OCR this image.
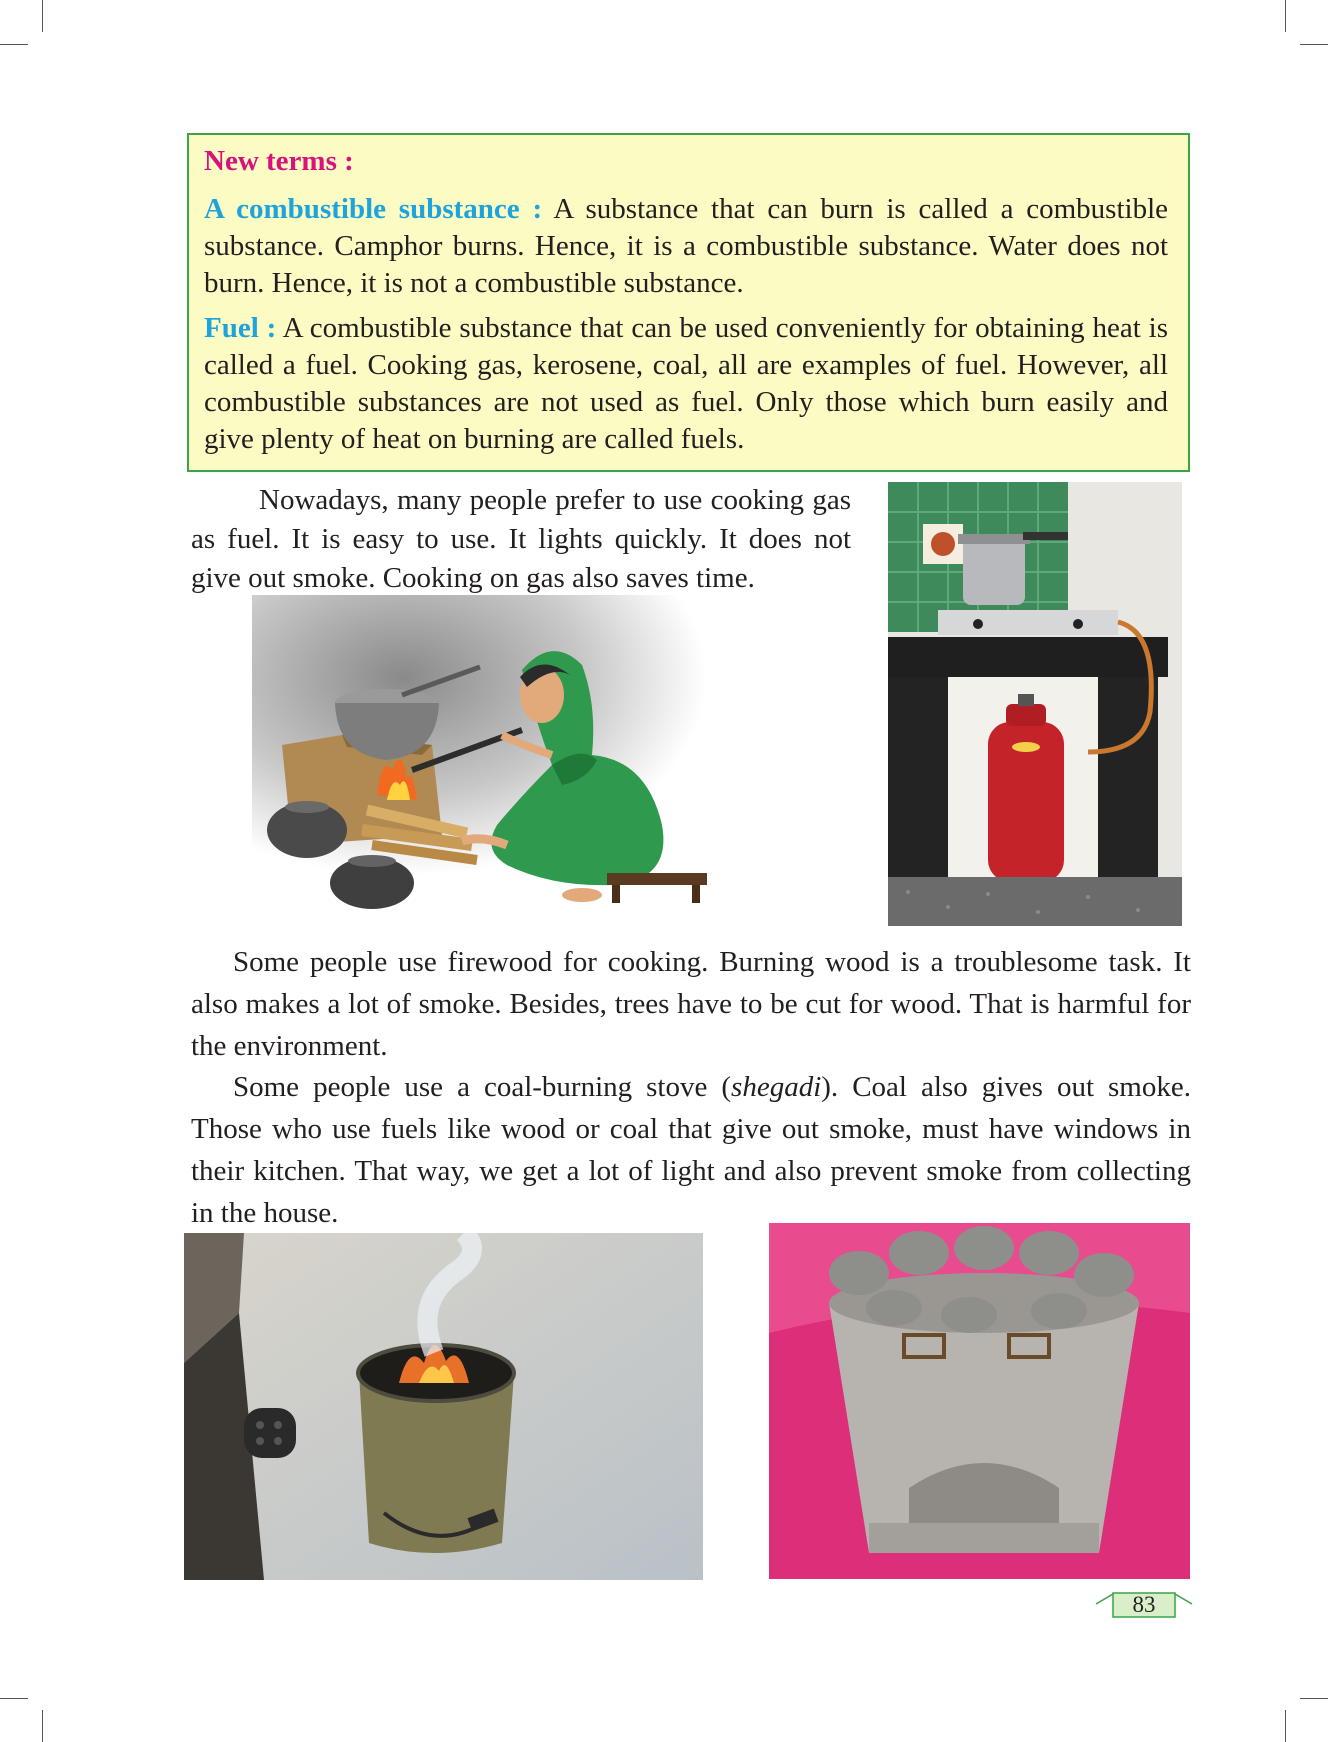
New terms :

A combustible substance : A substance that can burn is called a combustible substance. Camphor burns. Hence, it is a combustible substance. Water does not burn. Hence, it is not a combustible substance.

Fuel : A combustible substance that can be used conveniently for obtaining heat is called a fuel. Cooking gas, kerosene, coal, all are examples of fuel. However, all combustible substances are not used as fuel. Only those which burn easily and give plenty of heat on burning are called fuels.

Nowadays, many people prefer to use cooking gas as fuel. It is easy to use. It lights quickly. It does not give out smoke. Cooking on gas also saves time.

Some people use firewood for cooking. Burning wood is a troublesome task. It also makes a lot of smoke. Besides, trees have to be cut for wood. That is harmful for the environment.

Some people use a coal-burning stove (shegadi). Coal also gives out smoke. Those who use fuels like wood or coal that give out smoke, must have windows in their kitchen. That way, we get a lot of light and also prevent smoke from collecting in the house.

83
